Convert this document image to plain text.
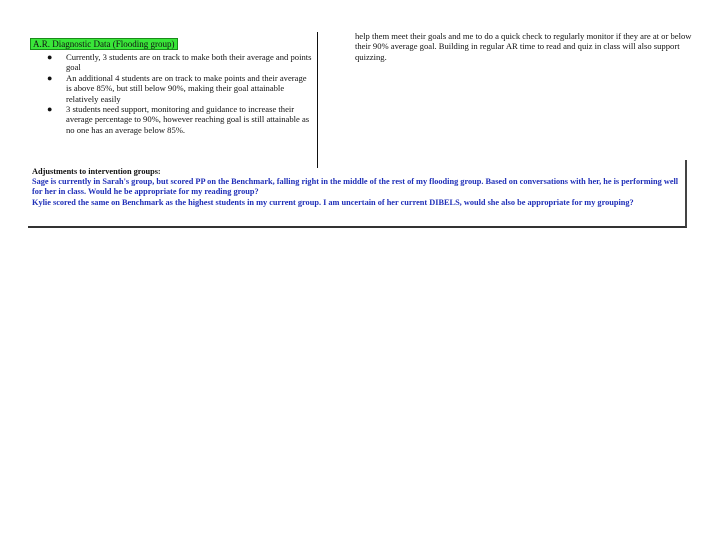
A.R. Diagnostic Data (Flooding group)
● Currently, 3 students are on track to make both their average and points goal
● An additional 4 students are on track to make points and their average is above 85%, but still below 90%, making their goal attainable relatively easily
● 3 students need support, monitoring and guidance to increase their average percentage to 90%, however reaching goal is still attainable as no one has an average below 85%.
help them meet their goals and me to do a quick check to regularly monitor if they are at or below their 90% average goal. Building in regular AR time to read and quiz in class will also support quizzing.
Adjustments to intervention groups:
Sage is currently in Sarah's group, but scored PP on the Benchmark, falling right in the middle of the rest of my flooding group. Based on conversations with her, he is performing well for her in class. Would he be appropriate for my reading group?
Kylie scored the same on Benchmark as the highest students in my current group. I am uncertain of her current DIBELS, would she also be appropriate for my grouping?
